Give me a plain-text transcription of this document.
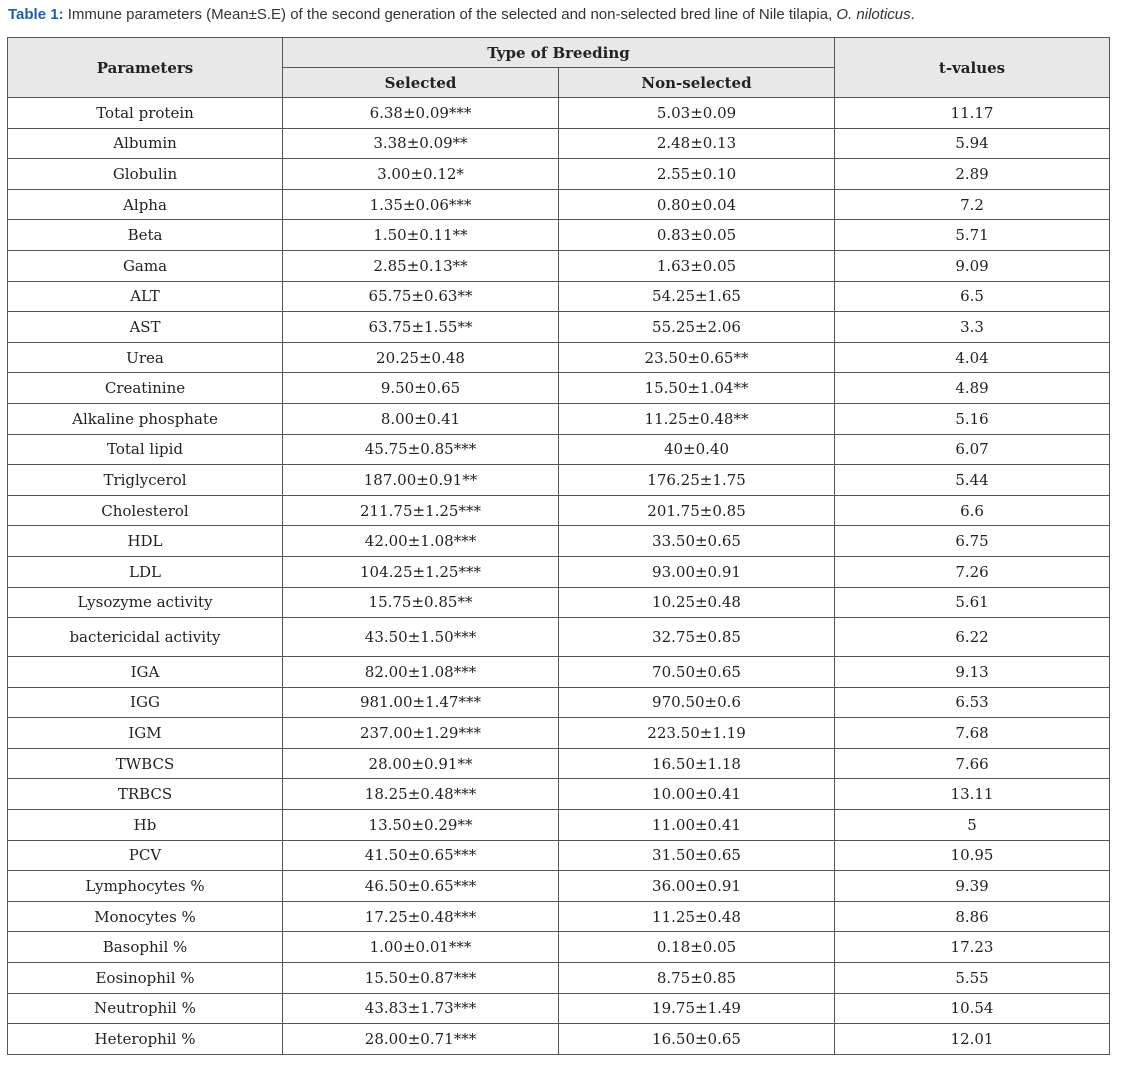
Table 1: Immune parameters (Mean±S.E) of the second generation of the selected and non-selected bred line of Nile tilapia, O. niloticus.
Parameters	Type of Breeding		t-values
	Selected	Non-selected	
Total protein	6.38±0.09***	5.03±0.09	11.17
Albumin	3.38±0.09**	2.48±0.13	5.94
Globulin	3.00±0.12*	2.55±0.10	2.89
Alpha	1.35±0.06***	0.80±0.04	7.2
Beta	1.50±0.11**	0.83±0.05	5.71
Gama	2.85±0.13**	1.63±0.05	9.09
ALT	65.75±0.63**	54.25±1.65	6.5
AST	63.75±1.55**	55.25±2.06	3.3
Urea	20.25±0.48	23.50±0.65**	4.04
Creatinine	9.50±0.65	15.50±1.04**	4.89
Alkaline phosphate	8.00±0.41	11.25±0.48**	5.16
Total lipid	45.75±0.85***	40±0.40	6.07
Triglycerol	187.00±0.91**	176.25±1.75	5.44
Cholesterol	211.75±1.25***	201.75±0.85	6.6
HDL	42.00±1.08***	33.50±0.65	6.75
LDL	104.25±1.25***	93.00±0.91	7.26
Lysozyme activity	15.75±0.85**	10.25±0.48	5.61
bactericidal activity	43.50±1.50***	32.75±0.85	6.22
IGA	82.00±1.08***	70.50±0.65	9.13
IGG	981.00±1.47***	970.50±0.6	6.53
IGM	237.00±1.29***	223.50±1.19	7.68
TWBCS	28.00±0.91**	16.50±1.18	7.66
TRBCS	18.25±0.48***	10.00±0.41	13.11
Hb	13.50±0.29**	11.00±0.41	5
PCV	41.50±0.65***	31.50±0.65	10.95
Lymphocytes %	46.50±0.65***	36.00±0.91	9.39
Monocytes %	17.25±0.48***	11.25±0.48	8.86
Basophil %	1.00±0.01***	0.18±0.05	17.23
Eosinophil %	15.50±0.87***	8.75±0.85	5.55
Neutrophil %	43.83±1.73***	19.75±1.49	10.54
Heterophil %	28.00±0.71***	16.50±0.65	12.01
